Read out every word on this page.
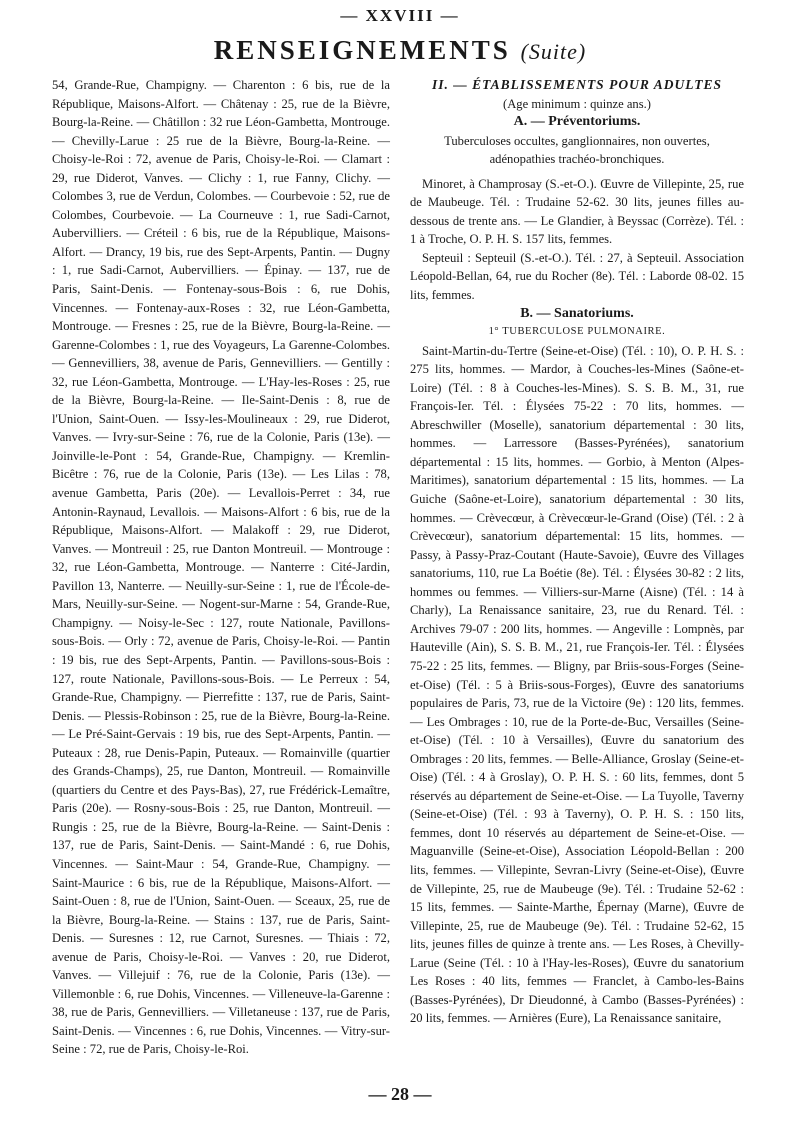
— XXVIII —
RENSEIGNEMENTS (Suite)

54, Grande-Rue, Champigny. — Charenton : 6 bis, rue de la République, Maisons-Alfort. — Châtenay : 25, rue de la Bièvre, Bourg-la-Reine. — Châtillon : 32 rue Léon-Gambetta, Montrouge. — Chevilly-Larue : 25 rue de la Bièvre, Bourg-la-Reine. — Choisy-le-Roi : 72, avenue de Paris, Choisy-le-Roi. — Clamart : 29, rue Diderot, Vanves. — Clichy : 1, rue Fanny, Clichy. — Colombes 3, rue de Verdun, Colombes. — Courbevoie : 52, rue de Colombes, Courbevoie. — La Courneuve : 1, rue Sadi-Carnot, Aubervilliers. — Créteil : 6 bis, rue de la République, Maisons-Alfort. — Drancy, 19 bis, rue des Sept-Arpents, Pantin. — Dugny : 1, rue Sadi-Carnot, Aubervilliers. — Épinay. — 137, rue de Paris, Saint-Denis. — Fontenay-sous-Bois : 6, rue Dohis, Vincennes. — Fontenay-aux-Roses : 32, rue Léon-Gambetta, Montrouge. — Fresnes : 25, rue de la Bièvre, Bourg-la-Reine. — Garenne-Colombes : 1, rue des Voyageurs, La Garenne-Colombes. — Gennevilliers, 38, avenue de Paris, Gennevilliers. — Gentilly : 32, rue Léon-Gambetta, Montrouge. — L'Hay-les-Roses : 25, rue de la Bièvre, Bourg-la-Reine. — Ile-Saint-Denis : 8, rue de l'Union, Saint-Ouen. — Issy-les-Moulineaux : 29, rue Diderot, Vanves. — Ivry-sur-Seine : 76, rue de la Colonie, Paris (13e). — Joinville-le-Pont : 54, Grande-Rue, Champigny. — Kremlin-Bicêtre : 76, rue de la Colonie, Paris (13e). — Les Lilas : 78, avenue Gambetta, Paris (20e). — Levallois-Perret : 34, rue Antonin-Raynaud, Levallois. — Maisons-Alfort : 6 bis, rue de la République, Maisons-Alfort. — Malakoff : 29, rue Diderot, Vanves. — Montreuil : 25, rue Danton Montreuil. — Montrouge : 32, rue Léon-Gambetta, Montrouge. — Nanterre : Cité-Jardin, Pavillon 13, Nanterre. — Neuilly-sur-Seine : 1, rue de l'École-de-Mars, Neuilly-sur-Seine. — Nogent-sur-Marne : 54, Grande-Rue, Champigny. — Noisy-le-Sec : 127, route Nationale, Pavillons-sous-Bois. — Orly : 72, avenue de Paris, Choisy-le-Roi. — Pantin : 19 bis, rue des Sept-Arpents, Pantin. — Pavillons-sous-Bois : 127, route Nationale, Pavillons-sous-Bois. — Le Perreux : 54, Grande-Rue, Champigny. — Pierrefitte : 137, rue de Paris, Saint-Denis. — Plessis-Robinson : 25, rue de la Bièvre, Bourg-la-Reine. — Le Pré-Saint-Gervais : 19 bis, rue des Sept-Arpents, Pantin. — Puteaux : 28, rue Denis-Papin, Puteaux. — Romainville (quartier des Grands-Champs), 25, rue Danton, Montreuil. — Romainville (quartiers du Centre et des Pays-Bas), 27, rue Frédérick-Lemaître, Paris (20e). — Rosny-sous-Bois : 25, rue Danton, Montreuil. — Rungis : 25, rue de la Bièvre, Bourg-la-Reine. — Saint-Denis : 137, rue de Paris, Saint-Denis. — Saint-Mandé : 6, rue Dohis, Vincennes. — Saint-Maur : 54, Grande-Rue, Champigny. — Saint-Maurice : 6 bis, rue de la République, Maisons-Alfort. — Saint-Ouen : 8, rue de l'Union, Saint-Ouen. — Sceaux, 25, rue de la Bièvre, Bourg-la-Reine. — Stains : 137, rue de Paris, Saint-Denis. — Suresnes : 12, rue Carnot, Suresnes. — Thiais : 72, avenue de Paris, Choisy-le-Roi. — Vanves : 20, rue Diderot, Vanves. — Villejuif : 76, rue de la Colonie, Paris (13e). — Villemonble : 6, rue Dohis, Vincennes. — Villeneuve-la-Garenne : 38, rue de Paris, Gennevilliers. — Villetaneuse : 137, rue de Paris, Saint-Denis. — Vincennes : 6, rue Dohis, Vincennes. — Vitry-sur-Seine : 72, rue de Paris, Choisy-le-Roi.

II. — ÉTABLISSEMENTS POUR ADULTES

(Age minimum : quinze ans.)

A. — Préventoriums.

Tuberculoses occultes, ganglionnaires, non ouvertes, adénopathies trachéo-bronchiques.

Minoret, à Champrosay (S.-et-O.). Œuvre de Villepinte, 25, rue de Maubeuge. Tél. : Trudaine 52-62. 30 lits, jeunes filles au-dessous de trente ans. — Le Glandier, à Beyssac (Corrèze). Tél. : 1 à Troche, O. P. H. S. 157 lits, femmes.

Septeuil : Septeuil (S.-et-O.). Tél. : 27, à Septeuil. Association Léopold-Bellan, 64, rue du Rocher (8e). Tél. : Laborde 08-02. 15 lits, femmes.

B. — Sanatoriums.

1° TUBERCULOSE PULMONAIRE.

Saint-Martin-du-Tertre (Seine-et-Oise) (Tél. : 10), O. P. H. S. : 275 lits, hommes. — Mardor, à Couches-les-Mines (Saône-et-Loire) (Tél. : 8 à Couches-les-Mines). S. S. B. M., 31, rue François-Ier. Tél. : Élysées 75-22 : 70 lits, hommes. — Abreschwiller (Moselle), sanatorium départemental : 30 lits, hommes. — Larressore (Basses-Pyrénées), sanatorium départemental : 15 lits, hommes. — Gorbio, à Menton (Alpes-Maritimes), sanatorium départemental : 15 lits, hommes. — La Guiche (Saône-et-Loire), sanatorium départemental : 30 lits, hommes. — Crèvecœur, à Crèvecœur-le-Grand (Oise) (Tél. : 2 à Crèvecœur), sanatorium départemental: 15 lits, hommes. — Passy, à Passy-Praz-Coutant (Haute-Savoie), Œuvre des Villages sanatoriums, 110, rue La Boétie (8e). Tél. : Élysées 30-82 : 2 lits, hommes ou femmes. — Villiers-sur-Marne (Aisne) (Tél. : 14 à Charly), La Renaissance sanitaire, 23, rue du Renard. Tél. : Archives 79-07 : 200 lits, hommes. — Angeville : Lompnès, par Hauteville (Ain), S. S. B. M., 21, rue François-Ier. Tél. : Élysées 75-22 : 25 lits, femmes. — Bligny, par Briis-sous-Forges (Seine-et-Oise) (Tél. : 5 à Briis-sous-Forges), Œuvre des sanatoriums populaires de Paris, 73, rue de la Victoire (9e) : 120 lits, femmes. — Les Ombrages : 10, rue de la Porte-de-Buc, Versailles (Seine-et-Oise) (Tél. : 10 à Versailles), Œuvre du sanatorium des Ombrages : 20 lits, femmes. — Belle-Alliance, Groslay (Seine-et-Oise) (Tél. : 4 à Groslay), O. P. H. S. : 60 lits, femmes, dont 5 réservés au département de Seine-et-Oise. — La Tuyolle, Taverny (Seine-et-Oise) (Tél. : 93 à Taverny), O. P. H. S. : 150 lits, femmes, dont 10 réservés au département de Seine-et-Oise. — Maguanville (Seine-et-Oise), Association Léopold-Bellan : 200 lits, femmes. — Villepinte, Sevran-Livry (Seine-et-Oise), Œuvre de Villepinte, 25, rue de Maubeuge (9e). Tél. : Trudaine 52-62 : 15 lits, femmes. — Sainte-Marthe, Épernay (Marne), Œuvre de Villepinte, 25, rue de Maubeuge (9e). Tél. : Trudaine 52-62, 15 lits, jeunes filles de quinze à trente ans. — Les Roses, à Chevilly-Larue (Seine (Tél. : 10 à l'Hay-les-Roses), Œuvre du sanatorium Les Roses : 40 lits, femmes — Franclet, à Cambo-les-Bains (Basses-Pyrénées), Dr Dieudonné, à Cambo (Basses-Pyrénées) : 20 lits, femmes. — Arnières (Eure), La Renaissance sanitaire,

— 28 —
